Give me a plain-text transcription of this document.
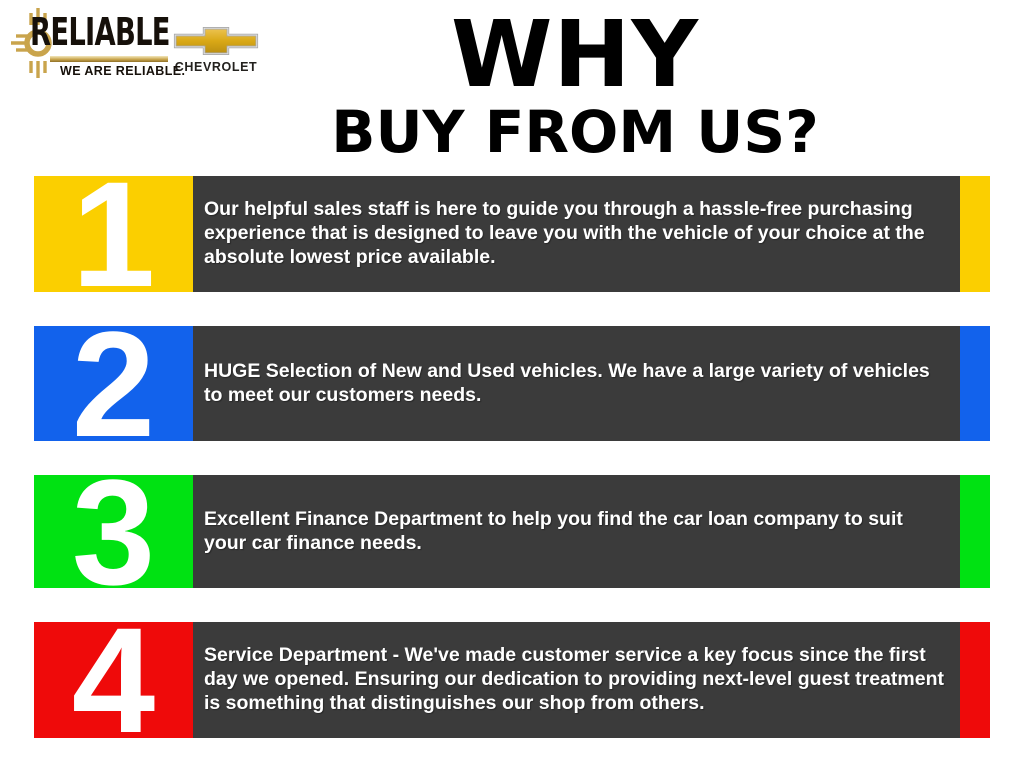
RELIABLE
WE ARE RELIABLE.
CHEVROLET	WHY
BUY FROM US?
1	Our helpful sales staff is here to guide you through a hassle-free purchasing experience that is designed to leave you with the vehicle of your choice at the absolute lowest price available.

2	HUGE Selection of New and Used vehicles. We have a large variety of vehicles to meet our customers needs.

3	Excellent Finance Department to help you find the car loan company to suit your car finance needs.

4	Service Department - We've made customer service a key focus since the first day we opened. Ensuring our dedication to providing next-level guest treatment is something that distinguishes our shop from others.
